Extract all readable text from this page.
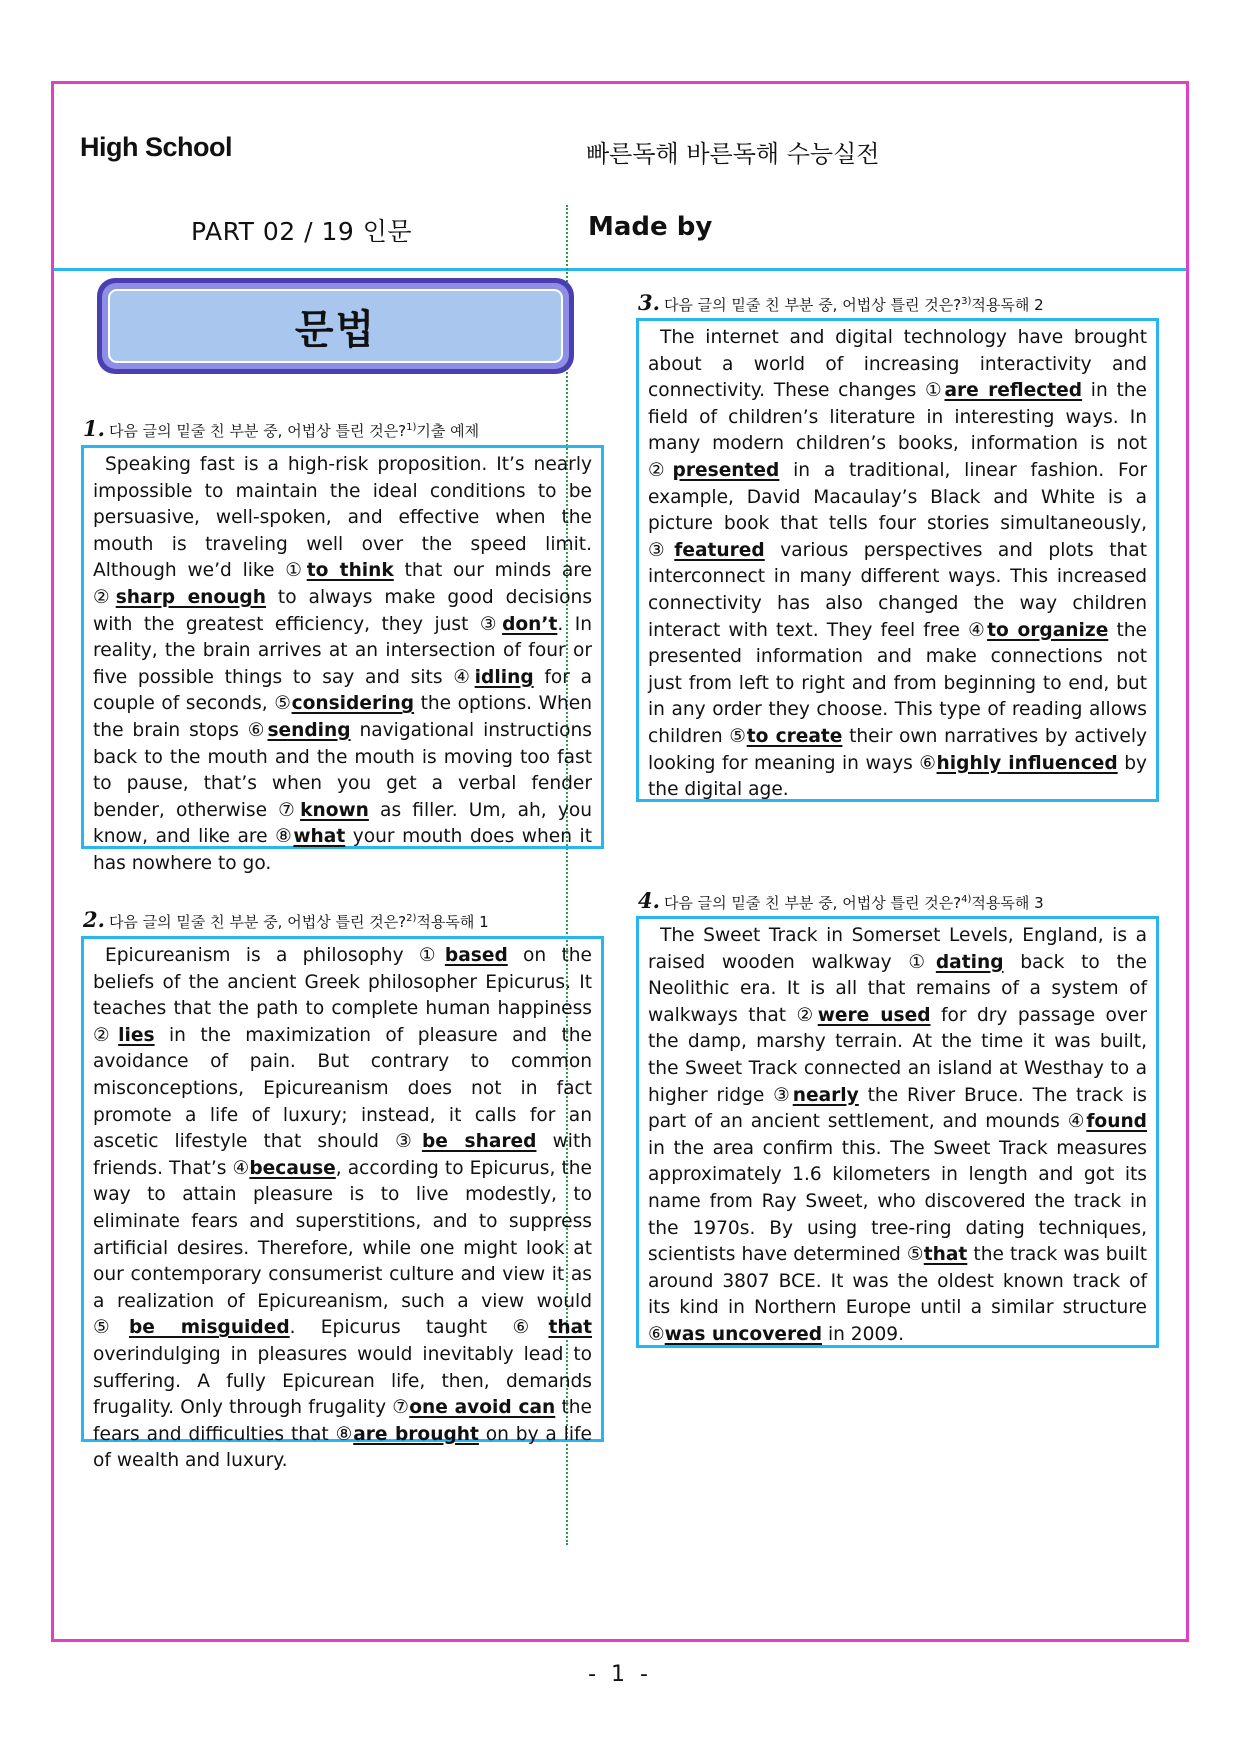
High School	빠른독해 바른독해 수능실전
PART 02 / 19 인문	Made by
문법
1. 다음 글의 밑줄 친 부분 중, 어법상 틀린 것은?$^{1)}$기출 예제

Speaking fast is a high-risk proposition. It’s nearly impossible to maintain the ideal conditions to be persuasive, well-spoken, and effective when the mouth is traveling well over the speed limit. Although we’d like ①to think that our minds are ②sharp enough to always make good decisions with the greatest efficiency, they just ③don’t. In reality, the brain arrives at an intersection of four or five possible things to say and sits ④idling for a couple of seconds, ⑤considering the options. When the brain stops ⑥sending navigational instructions back to the mouth and the mouth is moving too fast to pause, that’s when you get a verbal fender bender, otherwise ⑦known as filler. Um, ah, you know, and like are ⑧what your mouth does when it has nowhere to go.

2. 다음 글의 밑줄 친 부분 중, 어법상 틀린 것은?$^{2)}$적용독해 1

Epicureanism is a philosophy ①based on the beliefs of the ancient Greek philosopher Epicurus. It teaches that the path to complete human happiness ②lies in the maximization of pleasure and the avoidance of pain. But contrary to common misconceptions, Epicureanism does not in fact promote a life of luxury; instead, it calls for an ascetic lifestyle that should ③be shared with friends. That’s ④because, according to Epicurus, the way to attain pleasure is to live modestly, to eliminate fears and superstitions, and to suppress artificial desires. Therefore, while one might look at our contemporary consumerist culture and view it as a realization of Epicureanism, such a view would ⑤be misguided. Epicurus taught ⑥that overindulging in pleasures would inevitably lead to suffering. A fully Epicurean life, then, demands frugality. Only through frugality ⑦one avoid can the fears and difficulties that ⑧are brought on by a life of wealth and luxury.

3. 다음 글의 밑줄 친 부분 중, 어법상 틀린 것은?$^{3)}$적용독해 2

The internet and digital technology have brought about a world of increasing interactivity and connectivity. These changes ①are reflected in the field of children’s literature in interesting ways. In many modern children’s books, information is not ②presented in a traditional, linear fashion. For example, David Macaulay’s Black and White is a picture book that tells four stories simultaneously, ③featured various perspectives and plots that interconnect in many different ways. This increased connectivity has also changed the way children interact with text. They feel free ④to organize the presented information and make connections not just from left to right and from beginning to end, but in any order they choose. This type of reading allows children ⑤to create their own narratives by actively looking for meaning in ways ⑥highly influenced by the digital age.

4. 다음 글의 밑줄 친 부분 중, 어법상 틀린 것은?$^{4)}$적용독해 3

The Sweet Track in Somerset Levels, England, is a raised wooden walkway ①dating back to the Neolithic era. It is all that remains of a system of walkways that ②were used for dry passage over the damp, marshy terrain. At the time it was built, the Sweet Track connected an island at Westhay to a higher ridge ③nearly the River Bruce. The track is part of an ancient settlement, and mounds ④found in the area confirm this. The Sweet Track measures approximately 1.6 kilometers in length and got its name from Ray Sweet, who discovered the track in the 1970s. By using tree-ring dating techniques, scientists have determined ⑤that the track was built around 3807 BCE. It was the oldest known track of its kind in Northern Europe until a similar structure ⑥was uncovered in 2009.

- 1 -
